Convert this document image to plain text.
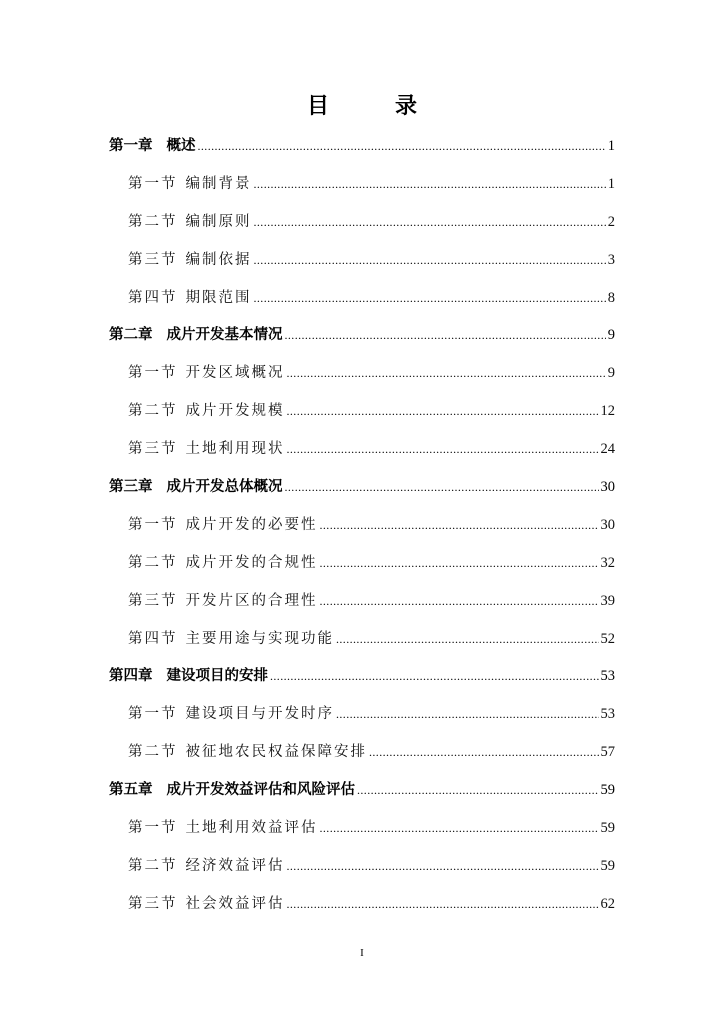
目　录
第一章 概述 .....	1
第一节 编制背景 .....	1
第二节 编制原则 .....	2
第三节 编制依据 .....	3
第四节 期限范围 .....	8
第二章 成片开发基本情况 .....	9
第一节 开发区域概况 .....	9
第二节 成片开发规模 .....	12
第三节 土地利用现状 .....	24
第三章 成片开发总体概况 .....	30
第一节 成片开发的必要性 .....	30
第二节 成片开发的合规性 .....	32
第三节 开发片区的合理性 .....	39
第四节 主要用途与实现功能 .....	52
第四章 建设项目的安排 .....	53
第一节 建设项目与开发时序 .....	53
第二节 被征地农民权益保障安排 .....	57
第五章 成片开发效益评估和风险评估 .....	59
第一节 土地利用效益评估 .....	59
第二节 经济效益评估 .....	59
第三节 社会效益评估 .....	62
I
